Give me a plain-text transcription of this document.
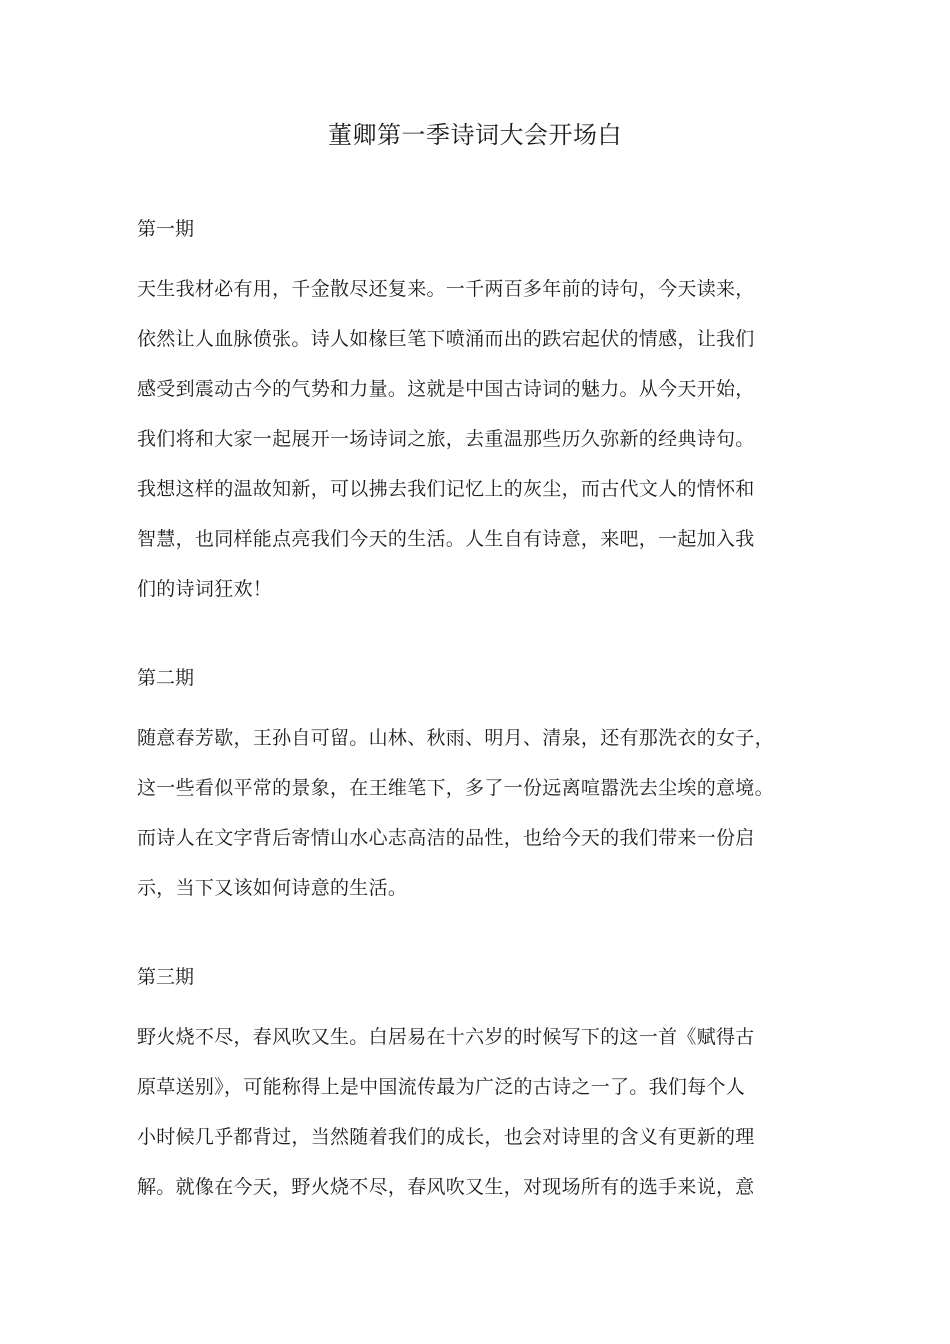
董卿第一季诗词大会开场白
第一期
天生我材必有用，千金散尽还复来。一千两百多年前的诗句，今天读来，
依然让人血脉偾张。诗人如椽巨笔下喷涌而出的跌宕起伏的情感，让我们
感受到震动古今的气势和力量。这就是中国古诗词的魅力。从今天开始，
我们将和大家一起展开一场诗词之旅，去重温那些历久弥新的经典诗句。
我想这样的温故知新，可以拂去我们记忆上的灰尘，而古代文人的情怀和
智慧，也同样能点亮我们今天的生活。人生自有诗意，来吧，一起加入我
们的诗词狂欢！
第二期
随意春芳歇，王孙自可留。山林、秋雨、明月、清泉，还有那洗衣的女子，
这一些看似平常的景象，在王维笔下，多了一份远离喧嚣洗去尘埃的意境。
而诗人在文字背后寄情山水心志高洁的品性，也给今天的我们带来一份启
示，当下又该如何诗意的生活。
第三期
野火烧不尽，春风吹又生。白居易在十六岁的时候写下的这一首《赋得古
原草送别》，可能称得上是中国流传最为广泛的古诗之一了。我们每个人
小时候几乎都背过，当然随着我们的成长，也会对诗里的含义有更新的理
解。就像在今天，野火烧不尽，春风吹又生，对现场所有的选手来说，意
